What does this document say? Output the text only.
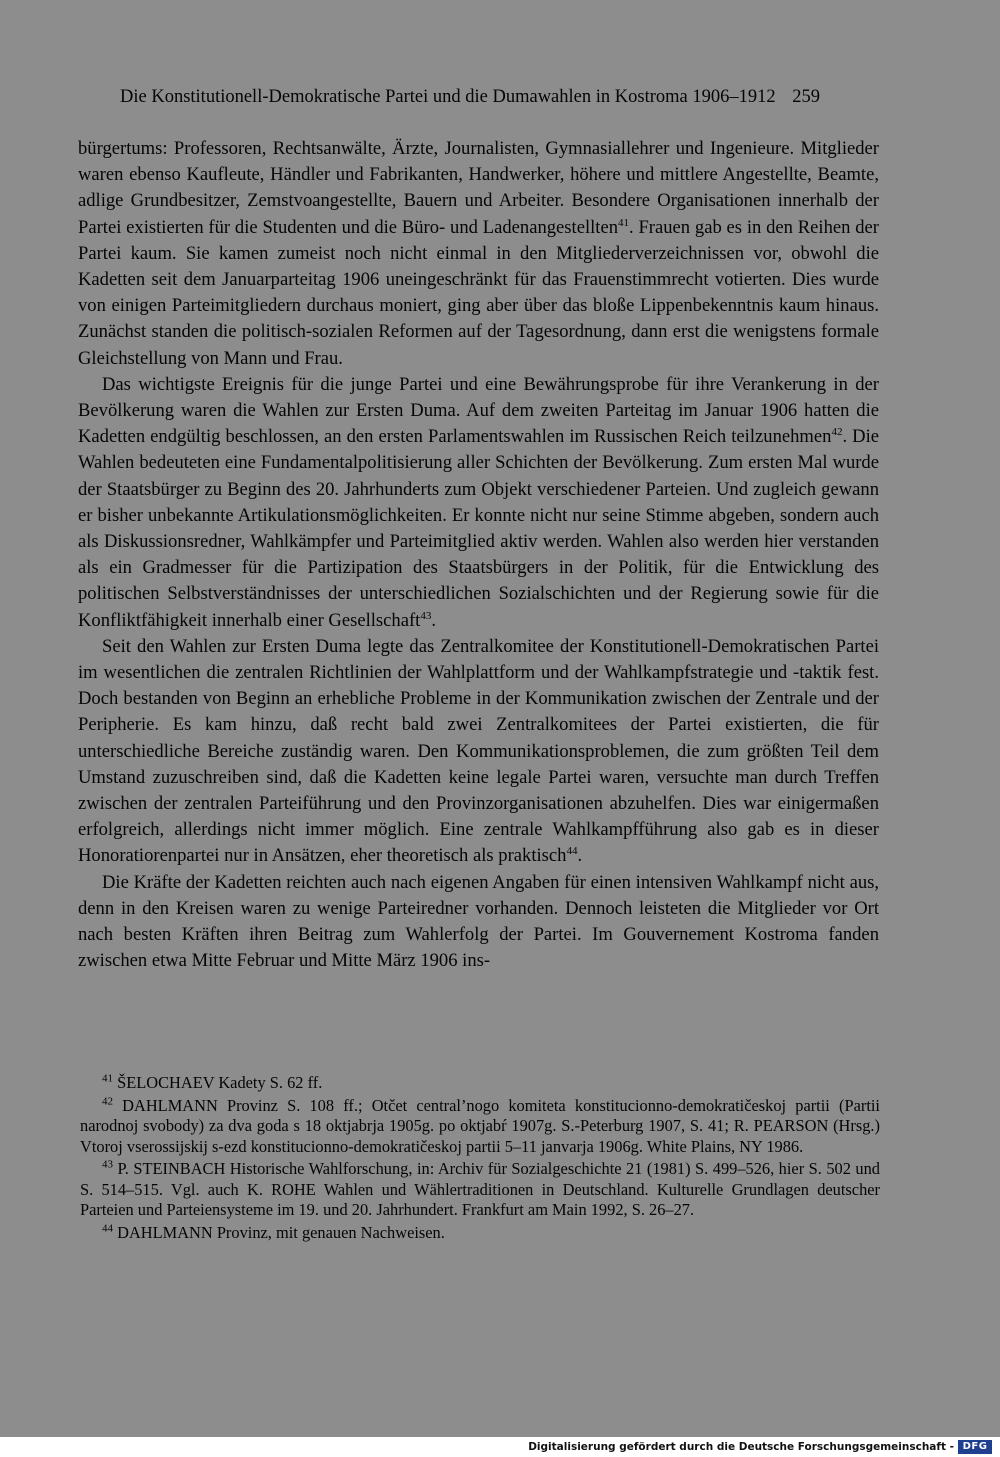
Die Konstitutionell-Demokratische Partei und die Dumawahlen in Kostroma 1906–1912 259

bürgertums: Professoren, Rechtsanwälte, Ärzte, Journalisten, Gymnasiallehrer und Ingenieure. Mitglieder waren ebenso Kaufleute, Händler und Fabrikanten, Handwerker, höhere und mittlere Angestellte, Beamte, adlige Grundbesitzer, Zemstvoangestellte, Bauern und Arbeiter. Besondere Organisationen innerhalb der Partei existierten für die Studenten und die Büro- und Ladenangestellten$^{41}$. Frauen gab es in den Reihen der Partei kaum. Sie kamen zumeist noch nicht einmal in den Mitgliederverzeichnissen vor, obwohl die Kadetten seit dem Januarparteitag 1906 uneingeschränkt für das Frauenstimmrecht votierten. Dies wurde von einigen Parteimitgliedern durchaus moniert, ging aber über das bloße Lippenbekenntnis kaum hinaus. Zunächst standen die politisch-sozialen Reformen auf der Tagesordnung, dann erst die wenigstens formale Gleichstellung von Mann und Frau.

Das wichtigste Ereignis für die junge Partei und eine Bewährungsprobe für ihre Verankerung in der Bevölkerung waren die Wahlen zur Ersten Duma. Auf dem zweiten Parteitag im Januar 1906 hatten die Kadetten endgültig beschlossen, an den ersten Parlamentswahlen im Russischen Reich teilzunehmen$^{42}$. Die Wahlen bedeuteten eine Fundamentalpolitisierung aller Schichten der Bevölkerung. Zum ersten Mal wurde der Staatsbürger zu Beginn des 20. Jahrhunderts zum Objekt verschiedener Parteien. Und zugleich gewann er bisher unbekannte Artikulationsmöglichkeiten. Er konnte nicht nur seine Stimme abgeben, sondern auch als Diskussionsredner, Wahlkämpfer und Parteimitglied aktiv werden. Wahlen also werden hier verstanden als ein Gradmesser für die Partizipation des Staatsbürgers in der Politik, für die Entwicklung des politischen Selbstverständnisses der unterschiedlichen Sozialschichten und der Regierung sowie für die Konfliktfähigkeit innerhalb einer Gesellschaft$^{43}$.

Seit den Wahlen zur Ersten Duma legte das Zentralkomitee der Konstitutionell-Demokratischen Partei im wesentlichen die zentralen Richtlinien der Wahlplattform und der Wahlkampfstrategie und -taktik fest. Doch bestanden von Beginn an erhebliche Probleme in der Kommunikation zwischen der Zentrale und der Peripherie. Es kam hinzu, daß recht bald zwei Zentralkomitees der Partei existierten, die für unterschiedliche Bereiche zuständig waren. Den Kommunikationsproblemen, die zum größten Teil dem Umstand zuzuschreiben sind, daß die Kadetten keine legale Partei waren, versuchte man durch Treffen zwischen der zentralen Parteiführung und den Provinzorganisationen abzuhelfen. Dies war einigermaßen erfolgreich, allerdings nicht immer möglich. Eine zentrale Wahlkampfführung also gab es in dieser Honoratiorenpartei nur in Ansätzen, eher theoretisch als praktisch$^{44}$.

Die Kräfte der Kadetten reichten auch nach eigenen Angaben für einen intensiven Wahlkampf nicht aus, denn in den Kreisen waren zu wenige Parteiredner vorhanden. Dennoch leisteten die Mitglieder vor Ort nach besten Kräften ihren Beitrag zum Wahlerfolg der Partei. Im Gouvernement Kostroma fanden zwischen etwa Mitte Februar und Mitte März 1906 ins-

$^{41}$ ŠELOCHAEV Kadety S. 62 ff.

$^{42}$ DAHLMANN Provinz S. 108 ff.; Otčet central’nogo komiteta konstitucionno-demokratičeskoj partii (Partii narodnoj svobody) za dva goda s 18 oktjabrja 1905g. po oktjabŕ 1907g. S.-Peterburg 1907, S. 41; R. PEARSON (Hrsg.) Vtoroj vserossijskij s-ezd konstitucionno-demokratičeskoj partii 5–11 janvarja 1906g. White Plains, NY 1986.

$^{43}$ P. STEINBACH Historische Wahlforschung, in: Archiv für Sozialgeschichte 21 (1981) S. 499–526, hier S. 502 und S. 514–515. Vgl. auch K. ROHE Wahlen und Wählertraditionen in Deutschland. Kulturelle Grundlagen deutscher Parteien und Parteiensysteme im 19. und 20. Jahrhundert. Frankfurt am Main 1992, S. 26–27.

$^{44}$ DAHLMANN Provinz, mit genauen Nachweisen.

Digitalisierung gefördert durch die Deutsche Forschungsgemeinschaft - DFG
